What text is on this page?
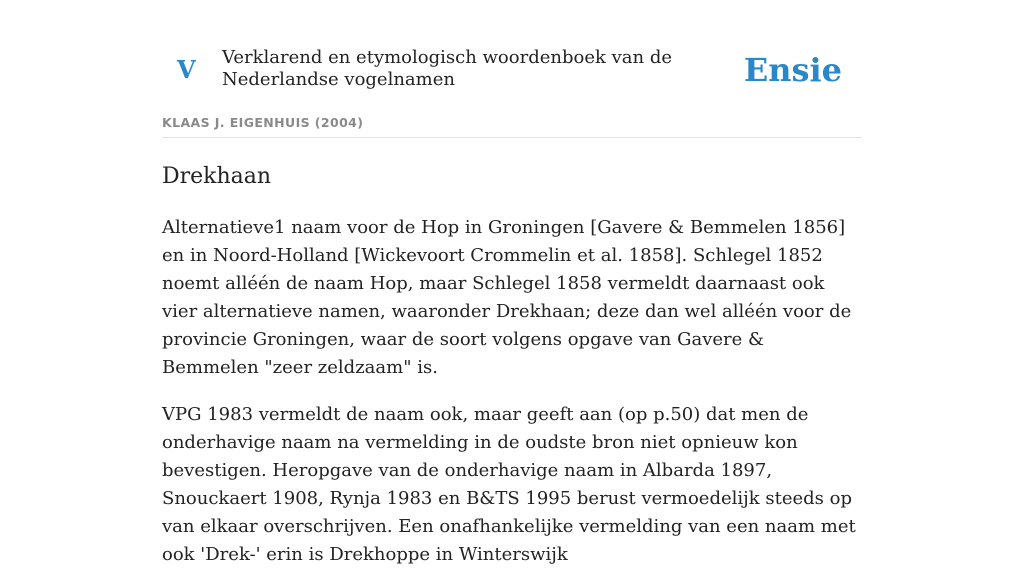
V Verklarend en etymologisch woordenboek van de Nederlandse vogelnamen	Ensie
KLAAS J. EIGENHUIS (2004)
Drekhaan

Alternatieve1 naam voor de Hop in Groningen [Gavere & Bemmelen 1856] en in Noord-Holland [Wickevoort Crommelin et al. 1858]. Schlegel 1852 noemt alléén de naam Hop, maar Schlegel 1858 vermeldt daarnaast ook vier alternatieve namen, waaronder Drekhaan; deze dan wel alléén voor de provincie Groningen, waar de soort volgens opgave van Gavere & Bemmelen "zeer zeldzaam" is.

VPG 1983 vermeldt de naam ook, maar geeft aan (op p.50) dat men de onderhavige naam na vermelding in de oudste bron niet opnieuw kon bevestigen. Heropgave van de onderhavige naam in Albarda 1897, Snouckaert 1908, Rynja 1983 en B&TS 1995 berust vermoedelijk steeds op van elkaar overschrijven. Een onafhankelijke vermelding van een naam met ook 'Drek-' erin is Drekhoppe in Winterswijk
